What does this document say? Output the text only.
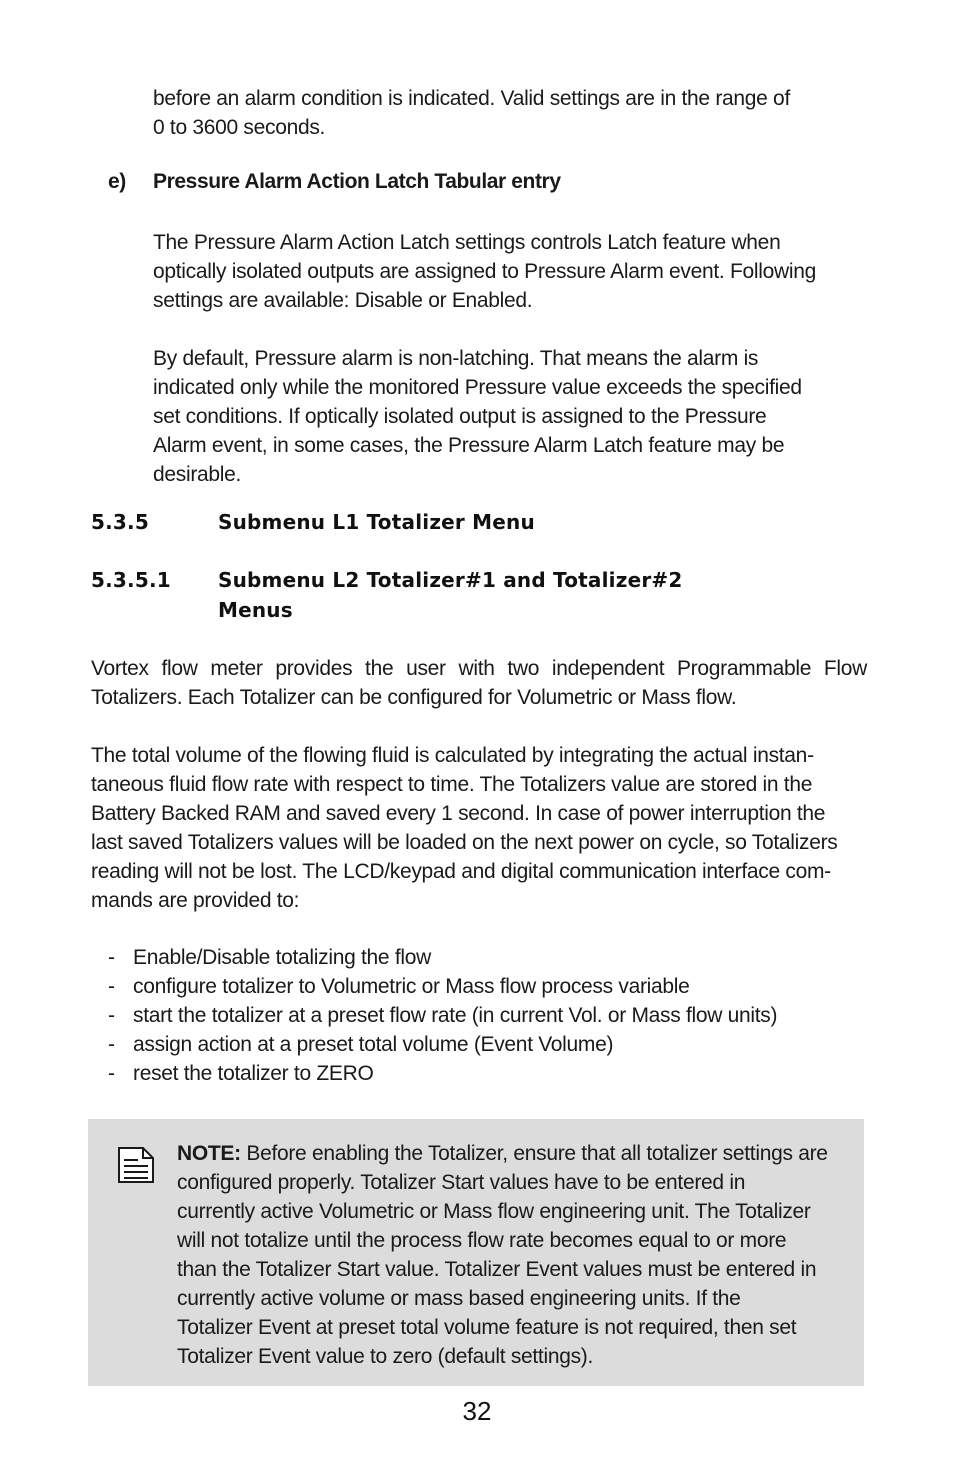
before an alarm condition is indicated. Valid settings are in the range of
0 to 3600 seconds.
e) Pressure Alarm Action Latch Tabular entry
The Pressure Alarm Action Latch settings controls Latch feature when
optically isolated outputs are assigned to Pressure Alarm event. Following
settings are available: Disable or Enabled.
By default, Pressure alarm is non-latching. That means the alarm is
indicated only while the monitored Pressure value exceeds the specified
set conditions. If optically isolated output is assigned to the Pressure
Alarm event, in some cases, the Pressure Alarm Latch feature may be
desirable.
5.3.5	Submenu L1 Totalizer Menu
5.3.5.1 Submenu L2 Totalizer#1 and Totalizer#2
Menus
Vortex flow meter provides the user with two independent Programmable Flow
Totalizers. Each Totalizer can be configured for Volumetric or Mass flow.
The total volume of the flowing fluid is calculated by integrating the actual instan-
taneous fluid flow rate with respect to time. The Totalizers value are stored in the
Battery Backed RAM and saved every 1 second. In case of power interruption the
last saved Totalizers values will be loaded on the next power on cycle, so Totalizers
reading will not be lost. The LCD/keypad and digital communication interface com-
mands are provided to:
- Enable/Disable totalizing the flow
- configure totalizer to Volumetric or Mass flow process variable
- start the totalizer at a preset flow rate (in current Vol. or Mass flow units)
- assign action at a preset total volume (Event Volume)
- reset the totalizer to ZERO
NOTE: Before enabling the Totalizer, ensure that all totalizer settings are
configured properly. Totalizer Start values have to be entered in
currently active Volumetric or Mass flow engineering unit. The Totalizer
will not totalize until the process flow rate becomes equal to or more
than the Totalizer Start value. Totalizer Event values must be entered in
currently active volume or mass based engineering units. If the
Totalizer Event at preset total volume feature is not required, then set
Totalizer Event value to zero (default settings).
32
